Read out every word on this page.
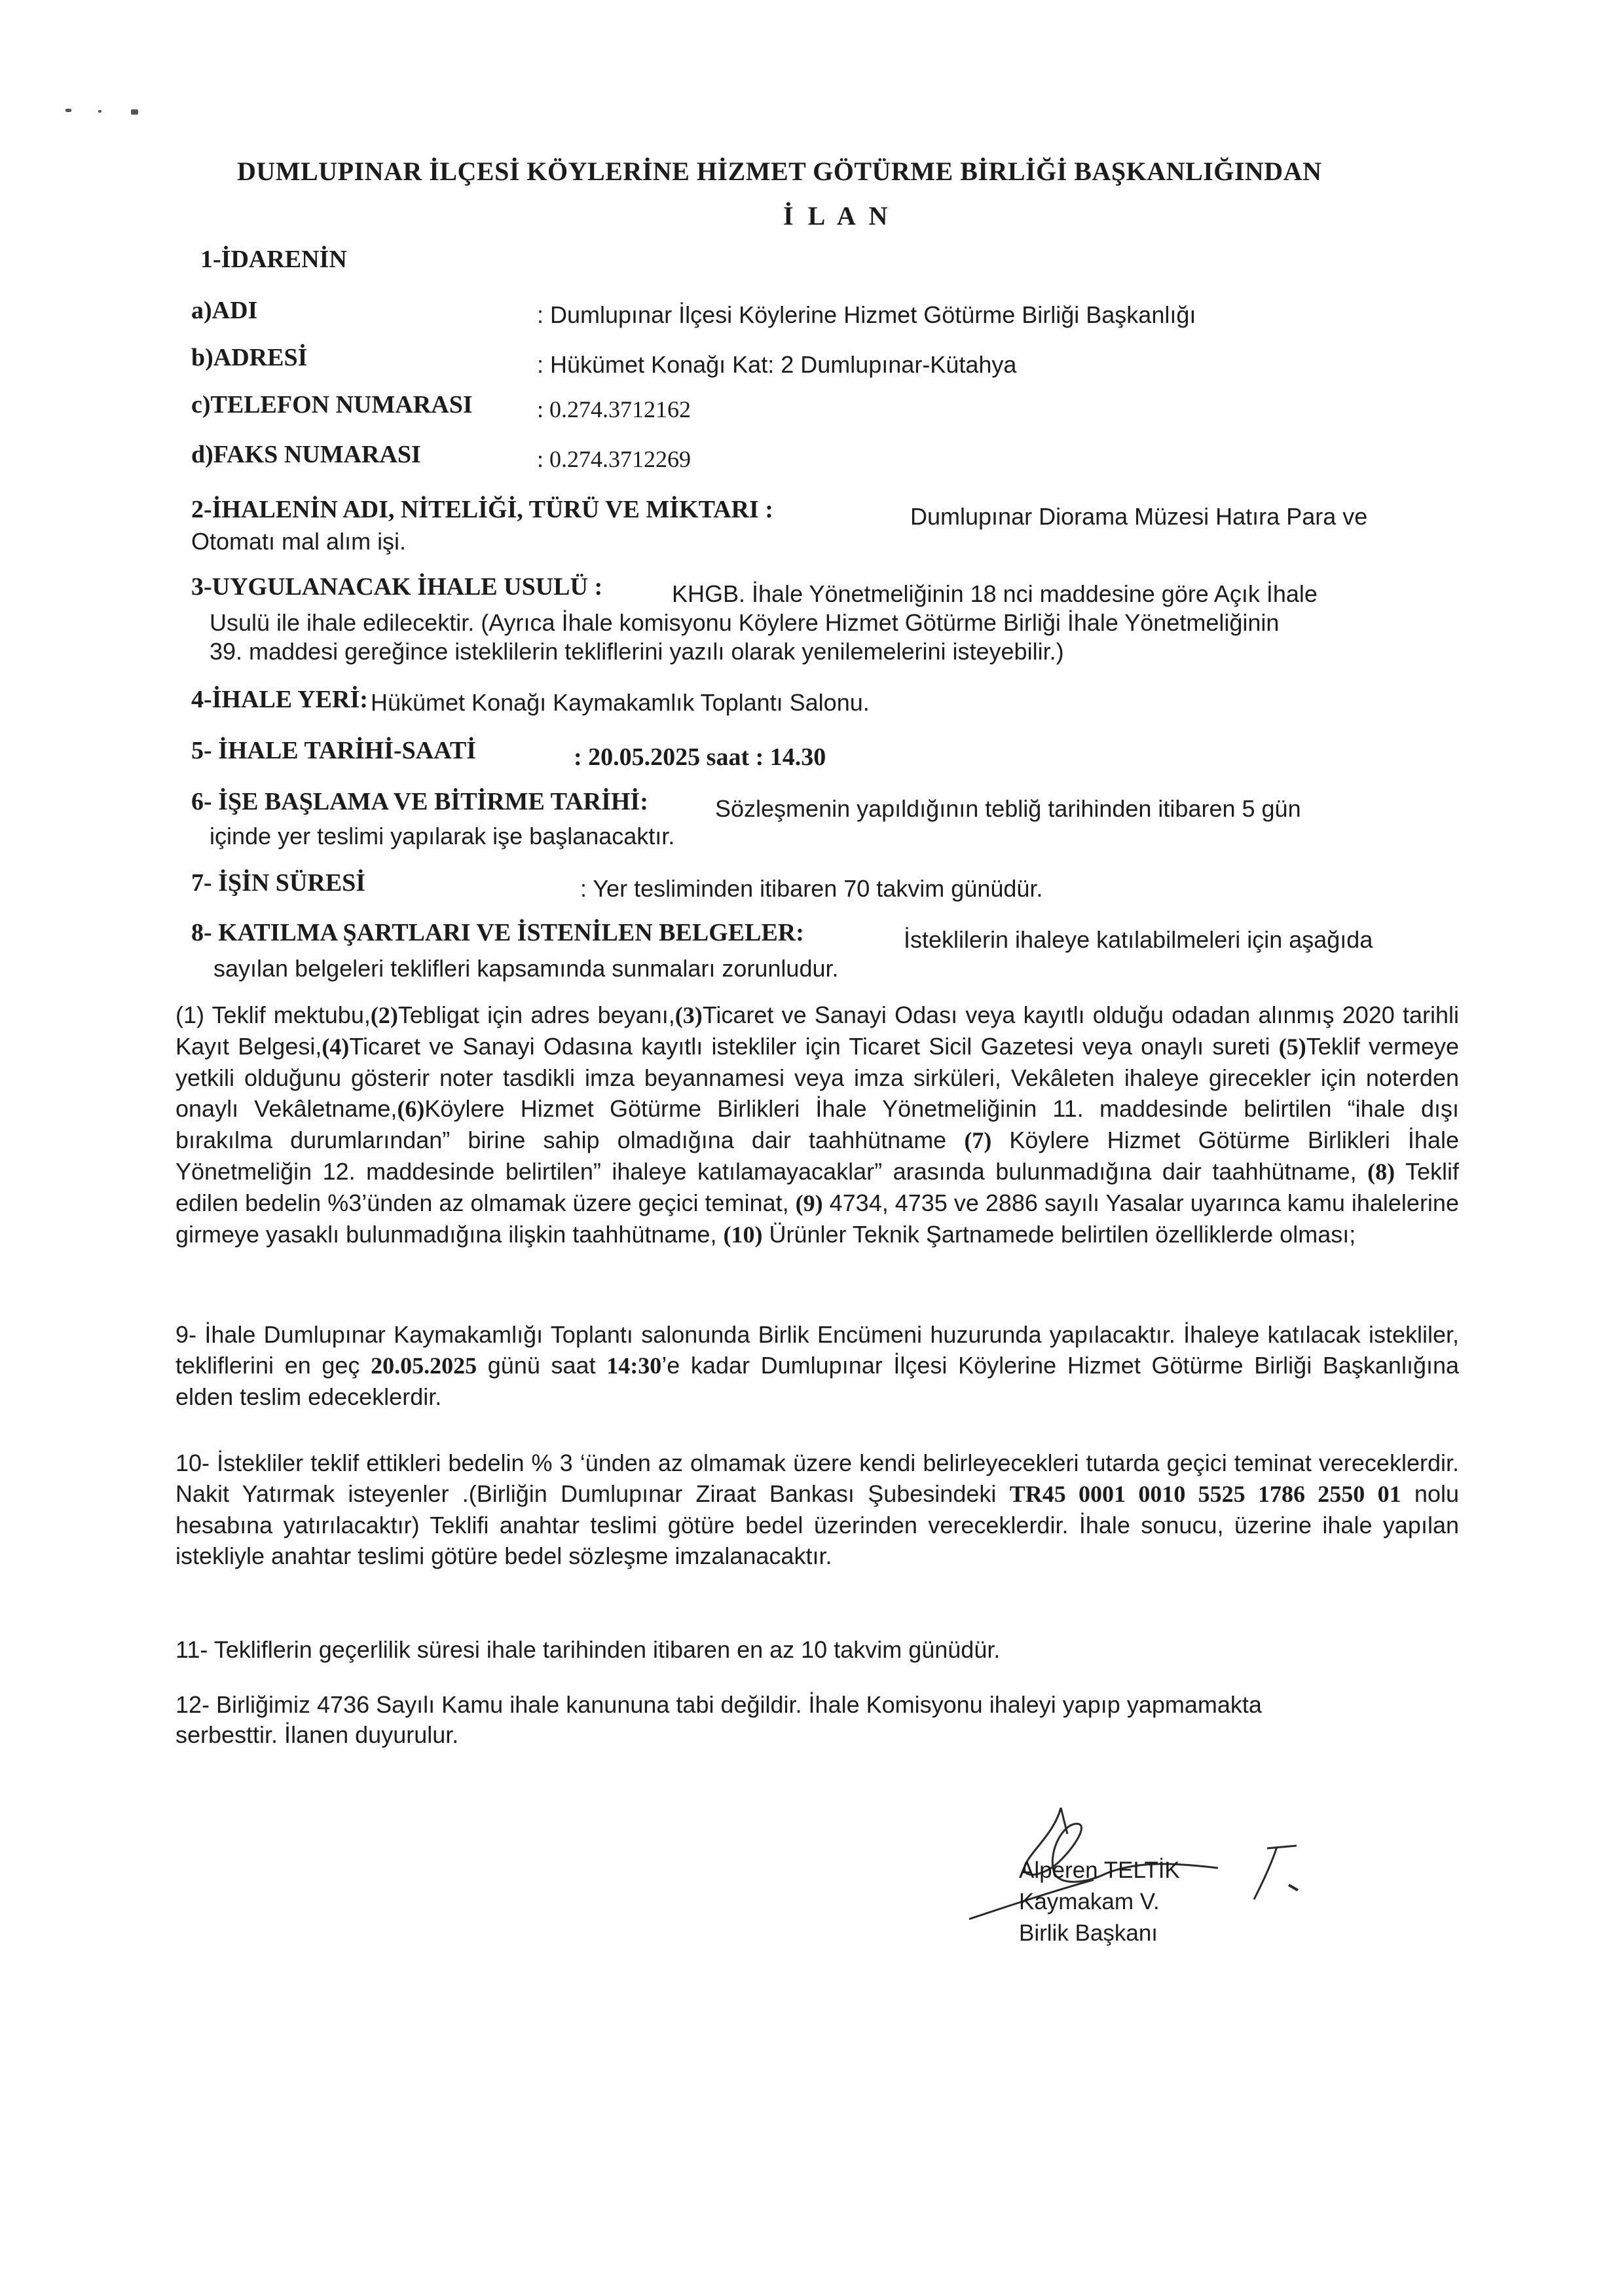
DUMLUPINAR İLÇESİ KÖYLERİNE HİZMET GÖTÜRME BİRLİĞİ BAŞKANLIĞINDAN
İ L A N
1-İDARENİN
a)ADI	: Dumlupınar İlçesi Köylerine Hizmet Götürme Birliği Başkanlığı
b)ADRESİ	: Hükümet Konağı Kat: 2 Dumlupınar-Kütahya
c)TELEFON NUMARASI	: 0.274.3712162
d)FAKS NUMARASI	: 0.274.3712269
2-İHALENİN ADI, NİTELİĞİ, TÜRÜ VE MİKTARI :	Dumlupınar Diorama Müzesi Hatıra Para ve
Otomatı mal alım işi.
3-UYGULANACAK İHALE USULÜ :	KHGB. İhale Yönetmeliğinin 18 nci maddesine göre Açık İhale
Usulü ile ihale edilecektir. (Ayrıca İhale komisyonu Köylere Hizmet Götürme Birliği İhale Yönetmeliğinin
39. maddesi gereğince isteklilerin tekliflerini yazılı olarak yenilemelerini isteyebilir.)
4-İHALE YERİ: Hükümet Konağı Kaymakamlık Toplantı Salonu.
5- İHALE TARİHİ-SAATİ	: 20.05.2025 saat : 14.30
6- İŞE BAŞLAMA VE BİTİRME TARİHİ:	Sözleşmenin yapıldığının tebliğ tarihinden itibaren 5 gün
içinde yer teslimi yapılarak işe başlanacaktır.
7- İŞİN SÜRESİ	: Yer tesliminden itibaren 70 takvim günüdür.
8- KATILMA ŞARTLARI VE İSTENİLEN BELGELER:	İsteklilerin ihaleye katılabilmeleri için aşağıda
sayılan belgeleri teklifleri kapsamında sunmaları zorunludur.
(1) Teklif mektubu,(2)Tebligat için adres beyanı,(3)Ticaret ve Sanayi Odası veya kayıtlı olduğu odadan alınmış 2020 tarihli Kayıt Belgesi,(4)Ticaret ve Sanayi Odasına kayıtlı istekliler için Ticaret Sicil Gazetesi veya onaylı sureti (5)Teklif vermeye yetkili olduğunu gösterir noter tasdikli imza beyannamesi veya imza sirküleri, Vekâleten ihaleye girecekler için noterden onaylı Vekâletname,(6)Köylere Hizmet Götürme Birlikleri İhale Yönetmeliğinin 11. maddesinde belirtilen “ihale dışı bırakılma durumlarından” birine sahip olmadığına dair taahhütname (7) Köylere Hizmet Götürme Birlikleri İhale Yönetmeliğin 12. maddesinde belirtilen” ihaleye katılamayacaklar” arasında bulunmadığına dair taahhütname, (8) Teklif edilen bedelin %3’ünden az olmamak üzere geçici teminat, (9) 4734, 4735 ve 2886 sayılı Yasalar uyarınca kamu ihalelerine girmeye yasaklı bulunmadığına ilişkin taahhütname, (10) Ürünler Teknik Şartnamede belirtilen özelliklerde olması;
9- İhale Dumlupınar Kaymakamlığı Toplantı salonunda Birlik Encümeni huzurunda yapılacaktır. İhaleye katılacak istekliler, tekliflerini en geç 20.05.2025 günü saat 14:30’e kadar Dumlupınar İlçesi Köylerine Hizmet Götürme Birliği Başkanlığına elden teslim edeceklerdir.
10- İstekliler teklif ettikleri bedelin % 3 ‘ünden az olmamak üzere kendi belirleyecekleri tutarda geçici teminat vereceklerdir. Nakit Yatırmak isteyenler .(Birliğin Dumlupınar Ziraat Bankası Şubesindeki TR45 0001 0010 5525 1786 2550 01 nolu hesabına yatırılacaktır) Teklifi anahtar teslimi götüre bedel üzerinden vereceklerdir. İhale sonucu, üzerine ihale yapılan istekliyle anahtar teslimi götüre bedel sözleşme imzalanacaktır.
11- Tekliflerin geçerlilik süresi ihale tarihinden itibaren en az 10 takvim günüdür.
12- Birliğimiz 4736 Sayılı Kamu ihale kanununa tabi değildir. İhale Komisyonu ihaleyi yapıp yapmamakta
serbesttir. İlanen duyurulur.
Alperen TELTİK
Kaymakam V.
Birlik Başkanı
